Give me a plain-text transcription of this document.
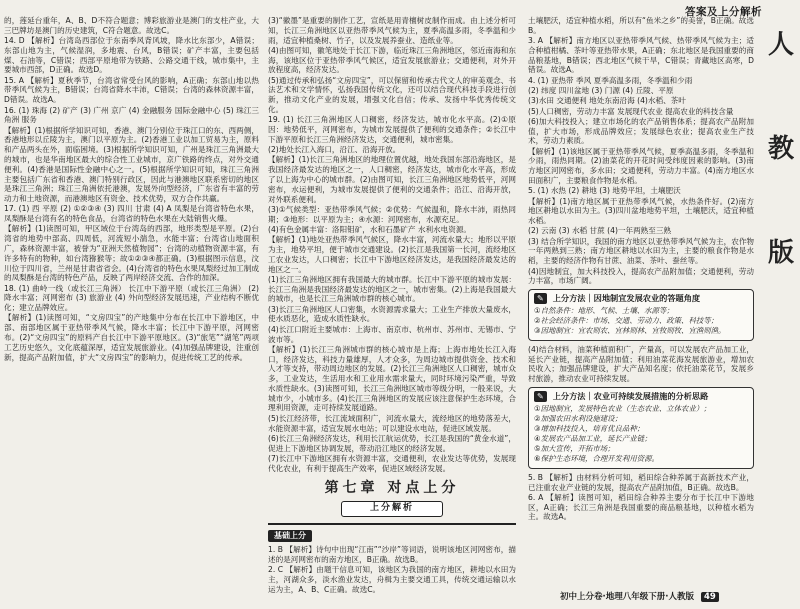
答案及上分解析

的，莲延台重年，A、B、D不符合题意；博彩旅游业是澳门的支柱产业，大三巴牌坊是澳门的历史建筑，C符合题意。故选C。

14. D 【解析】台湾岛西部位于东南季风背风坡，降水比东部少，A错误；东部山地为主，气候湿润，多地震、台风，B错误；矿产丰富，主要包括煤、石油等，C错误；西部平原地带为铁路、公路交通干线，城市集中，主要城市西部，D正确。故选D。

15. A 【解析】夏秋季节，台湾省常受台风的影响，A正确；东部山地以热带季风气候为主，B错误；台湾省降水丰沛，C错误；台湾的森林资源丰富，D错误。故选A。

16. (1) 珠海 (2) 矿产 (3) 广州 京广 (4) 金融服务 国际金融中心 (5) 珠江三角洲 服务

【解析】(1)根据所学知识可知，香港、澳门分别位于珠江口的东、西两侧，香港地形以丘陵为主，澳门以平原为主。(2)香港工业以加工贸易为主，原料和产品两头在外，面临困境。(3)根据所学知识可知，广州是珠江三角洲最大的城市，也是华南地区最大的综合性工业城市，京广铁路的终点，对外交通便利。(4)香港是国际性金融中心之一。(5)根据所学知识可知，珠江三角洲主要包括广东省和香港、澳门特别行政区，因此与港澳地区联系密切的地区是珠江三角洲；珠江三角洲依托港澳，发展外向型经济，广东省有丰富的劳动力和土地资源，而港澳地区有资金、技术优势，双方合作共赢。

17. (1) 西 平原 (2) ①②③④ (3) 四川 甘肃 (4) A 凤梨是台湾省特色水果，凤梨酥是台湾有名的特色食品，台湾省的特色水果在大陆销售火爆。

【解析】(1)读图可知，甲区域位于台湾岛的西部，地形类型是平原。(2)台湾省的地势中部高、四周低，河流短小湍急，水能丰富；台湾省山地面积广，森林资源丰富，被誉为“亚洲天然植物园”；台湾的动植物资源丰富，有许多特有的物种，如台湾猕猴等；故①②③④都正确。(3)根据图示信息，汶川位于四川省，兰州是甘肃省省会。(4)台湾省的特色水果凤梨经过加工制成的凤梨酥是台湾的特色产品，反映了两岸经济交流、合作的加深。

18. (1) 曲岭一线（或长江三角洲） 长江中下游平原（或长江三角洲） (2) 降水丰富；河网密布 (3) 旅游业 (4) 外向型经济发展迅速，产业结构不断优化；建立品牌效应。

【解析】(1)读图可知，“文房四宝”的产地集中分布在长江中下游地区，中部、南部地区属于亚热带季风气候，降水丰富；长江中下游平原，河网密布。(2)“文房四宝”的原料产自长江中下游平原地区。(3)“旅笔”“湖笔”两项工艺历史悠久，文化底蕴深厚，适宜发展旅游业。(4)加强品牌建设，注重创新，提高产品附加值，扩大“文房四宝”的影响力，促进传统工艺的传承。

(3)“徽墨”是重要的制作工艺，宣纸是用青檀树皮制作而成。由上述分析可知，长江三角洲地区以亚热带季风气候为主，夏季高温多雨，冬季温和少雨，适宜种植桑树、竹子，以及发展养蚕业、造纸业等。

(4)由图可知，徽笔地处于长江下游，临近珠江三角洲地区，邻近南海和东海，该地区位于亚热带季风气候区，适宜发展旅游业；交通便利，对外开放程度高，经济发达。

(5)通过传承和弘扬“文房四宝”，可以保留和传承古代文人的审美观念、书法艺术和文学情怀，弘扬我国传统文化，还可以结合现代科技手段进行创新，推动文化产业的发展，增强文化自信；传承、发扬中华优秀传统文化。

19. (1) 长江三角洲地区人口稠密，经济发达，城市化水平高。(2)①原因：地势低平，河网密布，为城市发展提供了便利的交通条件；②长江中下游平原和长江三角洲经济发达，交通便利，城市密集。

(2)地处长江入海口，沿江、沿海开放。

【解析】(1)长江三角洲地区的地理位置优越，地处我国东部沿海地区，是我国经济最发达的地区之一，人口稠密，经济发达，城市化水平高，形成了以上海为中心的城市群。(2)由图可知，长江三角洲地区地势低平，河网密布，水运便利，为城市发展提供了便利的交通条件；沿江、沿海开放，对外联系便利。

(3)①气候类型：亚热带季风气候；②优势：气候温和，降水丰沛，雨热同期；③地形：以平原为主；④水源：河网密布，水源充足。

(4)有色金属丰富：洛阳钼矿，水和石墨矿产 水利水电资源。

【解析】(1)地处亚热带季风气候区，降水丰富，河流水量大；地形以平原为主，地势平坦，便于城市交通建设。(2)长江是我国第一长河，流经地区工农业发达，人口稠密；长江中下游地区经济发达，是我国经济最发达的地区之一。

(1)长江三角洲地区拥有我国最大的城市群。长江中下游平原的城市发展：长江三角洲是我国经济最发达的地区之一，城市密集。(2)上海是我国最大的城市，也是长江三角洲城市群的核心城市。

(3)长江三角洲地区人口密集，水资源需求量大；工业生产排放大量废水，使水质恶化，造成水质性缺水。

(4)长江口附近主要城市：上海市、南京市、杭州市、苏州市、无锡市、宁波市等。

【解析】(1)长江三角洲城市群的核心城市是上海；上海市地处长江入海口，经济发达，科技力量雄厚，人才众多，为周边城市提供资金、技术和人才等支持，带动周边地区的发展。(2)长江三角洲地区人口稠密，城市众多，工业发达，生活用水和工业用水需求量大，同时环境污染严重，导致水质性缺水。(3)读图可知，长江三角洲地区城市等级分明，一般来说，大城市少，小城市多。(4)长江三角洲地区的发展应该注意保护生态环境，合理利用资源，走可持续发展道路。

(5)长江经济带，长江流域面积广，河流水量大，流经地区的地势落差大，水能资源丰富，适宜发展水电站；可以建设水电站，促进区域发展。

(6)长江三角洲经济发达，利用长江航运优势，长江是我国的“黄金水道”，促进上下游地区协调发展，带动沿江地区的经济发展。

(7)长江中下游地区拥有水资源丰富，交通便利，农业发达等优势，发展现代化农业，有利于提高生产效率，促进区域经济发展。

第七章 对点上分
上分解析
基础上分

1. B 【解析】诗句中出现“江南”“沙岸”等词语，说明该地区河网密布，描述的是河网密布的南方地区，B正确。故选B。

2. C 【解析】由题干信息可知，该地区为我国的南方地区，耕地以水田为主，河湖众多，淡水渔业发达，舟楫为主要交通工具，传统交通运输以水运为主，A、B、C正确。故选C。

土壤肥沃，适宜种植水稻，所以有“鱼米之乡”的美誉，B正确。故选B。

3. A 【解析】南方地区以亚热带季风气候、热带季风气候为主；适合种植柑橘、茶叶等亚热带水果，A正确；东北地区是我国重要的商品粮基地，B错误；西北地区气候干旱，C错误；青藏地区高寒，D错误。故选A。

4. (1) 亚热带 季风 夏季高温多雨，冬季温和少雨

(2) 纬度 四川盆地 (3) 门源 (4) 丘陵、平原

(3)水田 交通便利 地处东南沿海 (4)水稻、茶叶

(5)人口稠密，劳动力丰富 发展现代农业 提高农业的科技含量

(6)加大科技投入；建立市场化的农产品销售体系；提高农产品附加值，扩大市场，形成品牌效应；发展绿色农业；提高农业生产技术，劳动力素质。

【解析】(1)该地区属于亚热带季风气候，夏季高温多雨，冬季温和少雨，雨热同期。(2)油菜花的开花时间受纬度因素的影响。(3)南方地区河网密布，多水田；交通便利，劳动力丰富。(4)南方地区水田面积广，主要粮食作物是水稻。

5. (1) 水热 (2) 耕地 (3) 地势平坦，土壤肥沃

【解析】(1)南方地区属于亚热带季风气候，水热条件好。(2)南方地区耕地以水田为主。(3)四川盆地地势平坦，土壤肥沃，适宜种植水稻。

(2) 云南 (3) 水稻 甘蔗 (4)一年两熟至三熟

(3) 结合所学知识，我国的南方地区以亚热带季风气候为主，农作物一年两熟到三熟；南方地区耕地以水田为主，主要的粮食作物是水稻，主要的经济作物有甘蔗、油菜、茶叶、蚕丝等。

(4)因地制宜，加大科技投入，提高农产品附加值；交通便利，劳动力丰富，市场广阔。

✎ 上分方法｜因地制宜发展农业的答题角度

①自然条件：地形、气候、土壤、水源等；

②社会经济条件：市场、交通、劳动力、政策、科技等；

③因地制宜：宜农则农、宜林则林、宜牧则牧、宜渔则渔。

(4)结合材料，油菜种植面积广，产量高，可以发展农产品加工业，延长产业链，提高产品附加值；利用油菜花海发展旅游业，增加农民收入；加强品牌建设，扩大产品知名度；依托油菜花节，发展乡村旅游，推动农业可持续发展。

✎ 上分方法｜农业可持续发展措施的分析思路

①因地制宜，发展特色农业（生态农业、立体农业）；

②加强农田水利设施建设；

③增加科技投入，培育优良品种；

④发展农产品加工业，延长产业链；

⑤加大宣传，开拓市场；

⑥保护生态环境，合理开发利用资源。

5. B 【解析】由材料分析可知，稻田综合种养属于高新技术产业，已注重农业产业链的发展，提高农产品附加值，B正确。故选B。

6. A 【解析】读图可知，稻田综合种养主要分布于长江中下游地区，A正确；长江三角洲是我国重要的商品粮基地，以种植水稻为主。故选A。

初中上分卷·地理八年级下册·人教版 49
人
教
版
